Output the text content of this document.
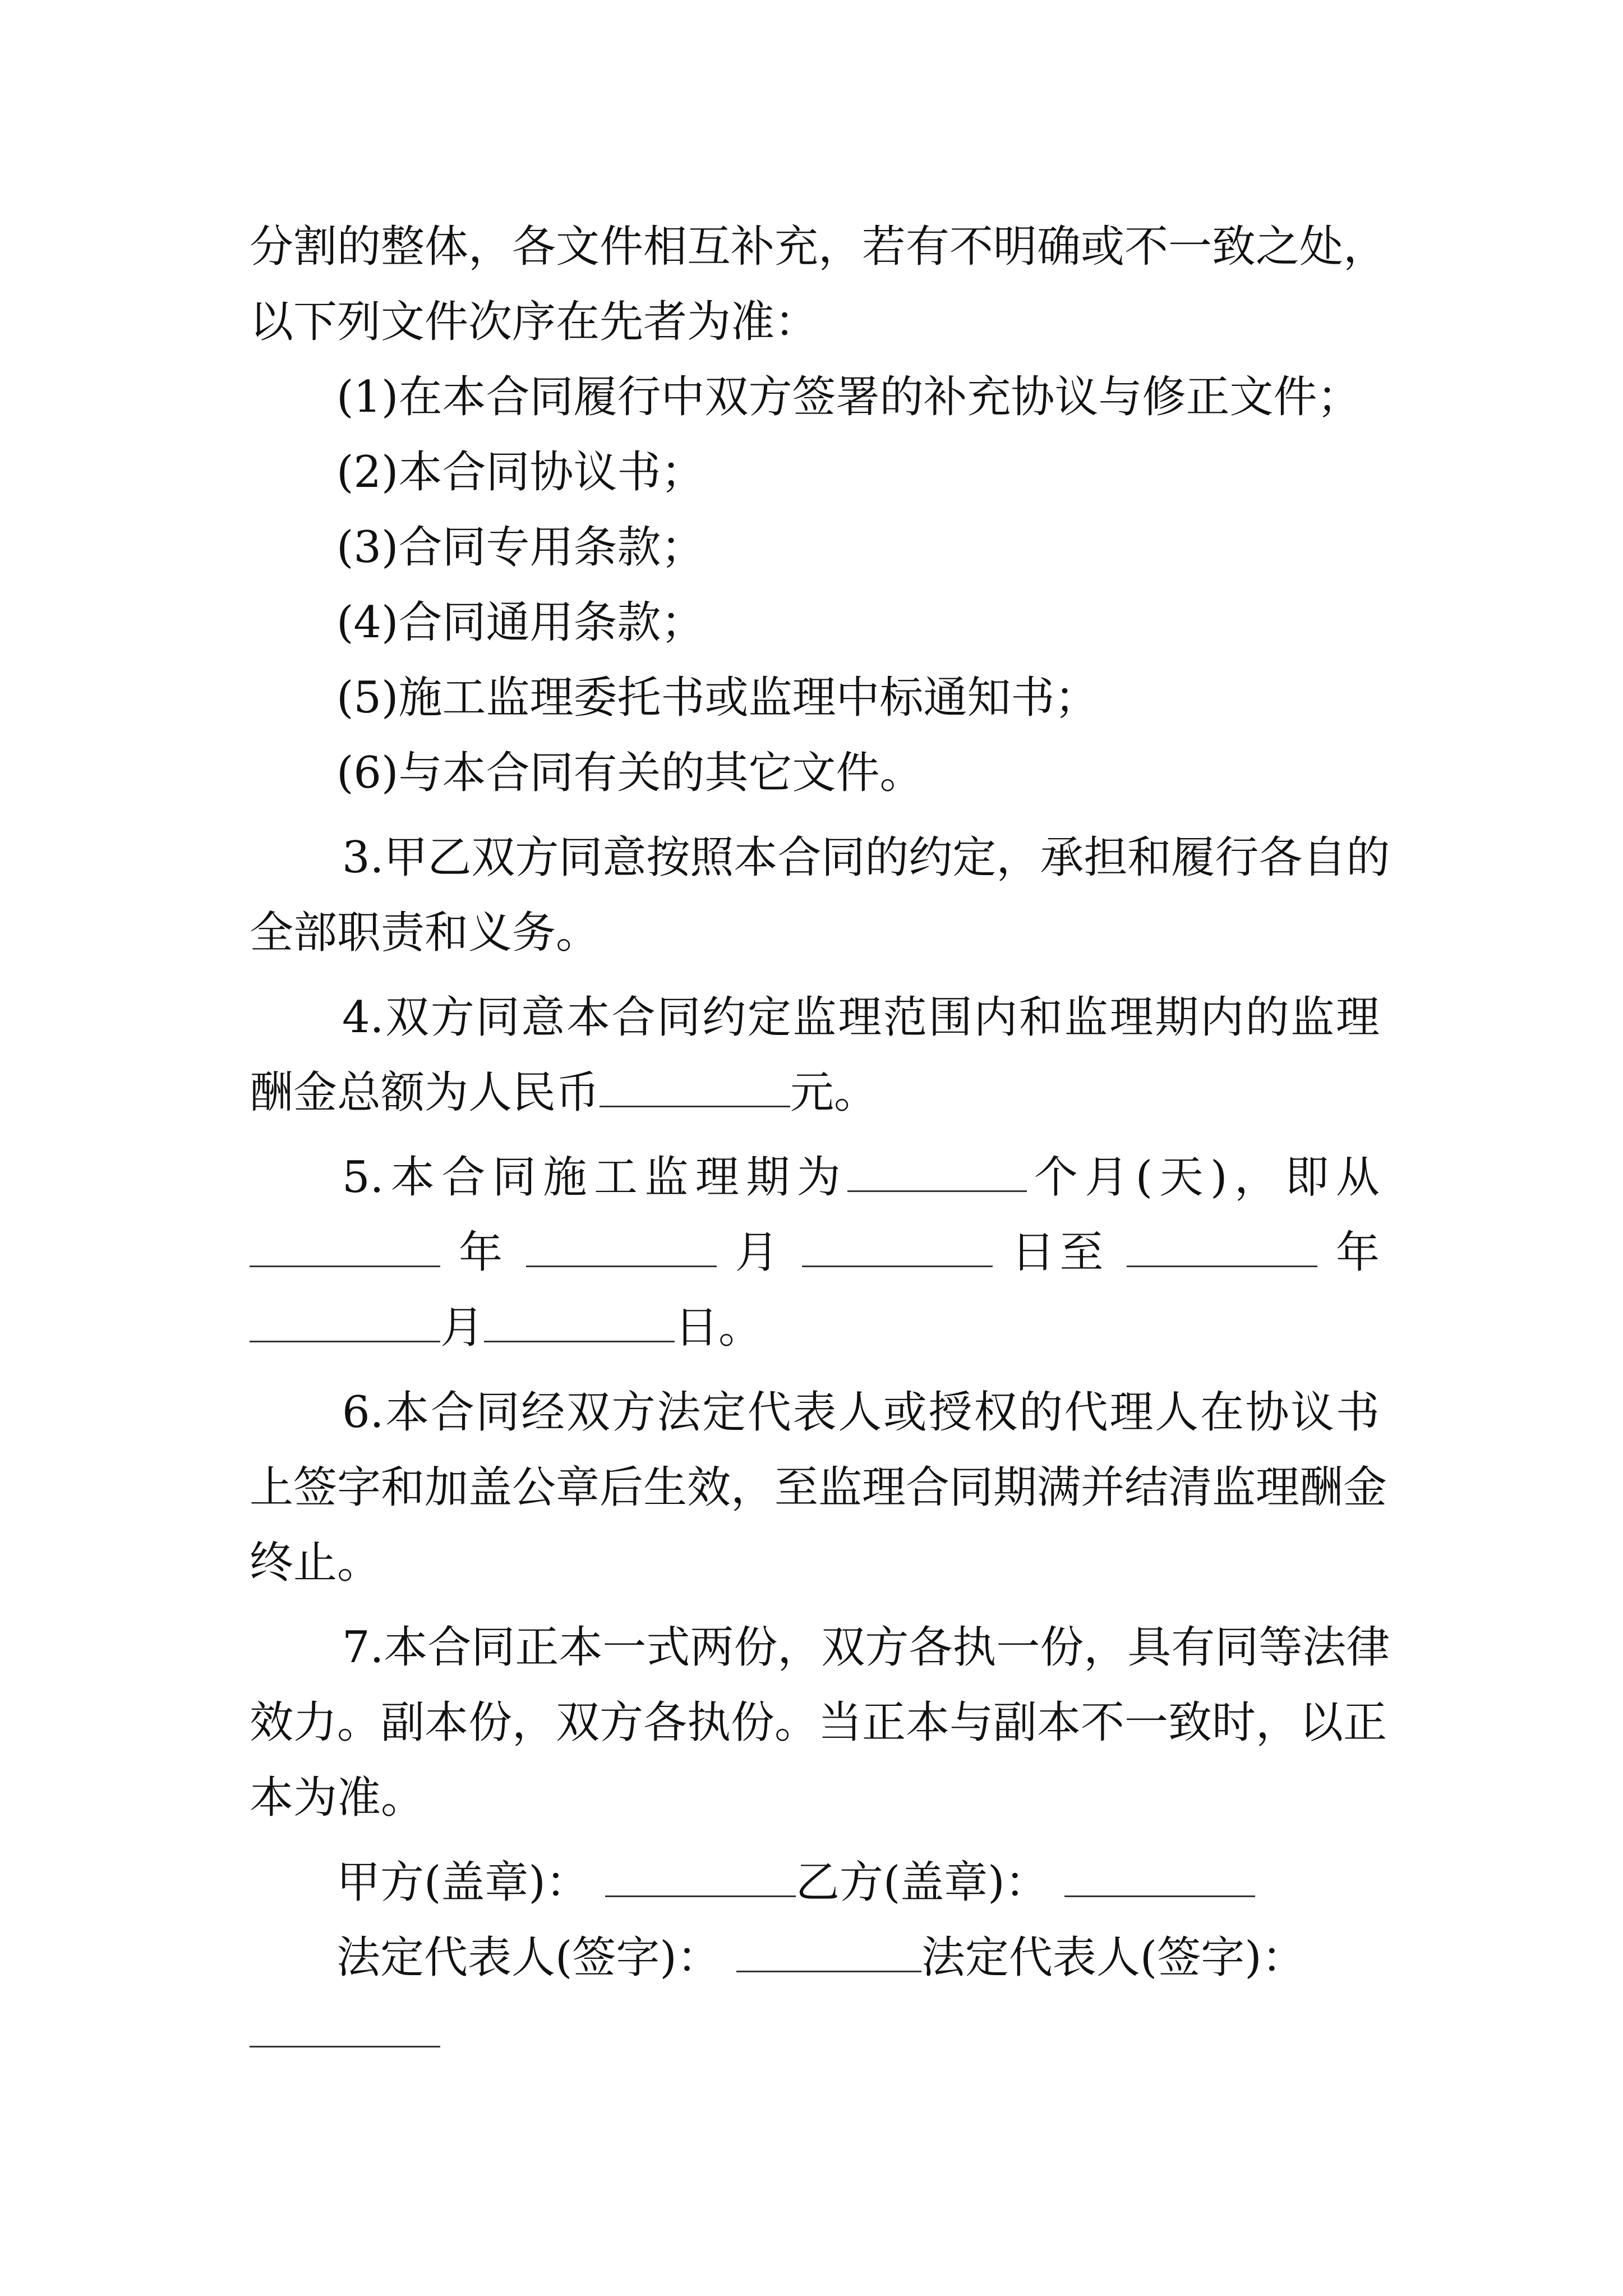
分割的整体，各文件相互补充，若有不明确或不一致之处，
以下列文件次序在先者为准：
(1)在本合同履行中双方签署的补充协议与修正文件；
(2)本合同协议书；
(3)合同专用条款；
(4)合同通用条款；
(5)施工监理委托书或监理中标通知书；
(6)与本合同有关的其它文件。
3.甲乙双方同意按照本合同的约定，承担和履行各自的
全部职责和义务。
4.双方同意本合同约定监理范围内和监理期内的监理
酬金总额为人民币	元。
5.本合同施工监理期为	个月(天)，即从
年	月	日至	年
月	日。
6.本合同经双方法定代表人或授权的代理人在协议书
上签字和加盖公章后生效，至监理合同期满并结清监理酬金
终止。
7.本合同正本一式两份，双方各执一份，具有同等法律
效力。副本份，双方各执份。当正本与副本不一致时，以正
本为准。
甲方(盖章)：	乙方(盖章)：
法定代表人(签字)：	法定代表人(签字)：
